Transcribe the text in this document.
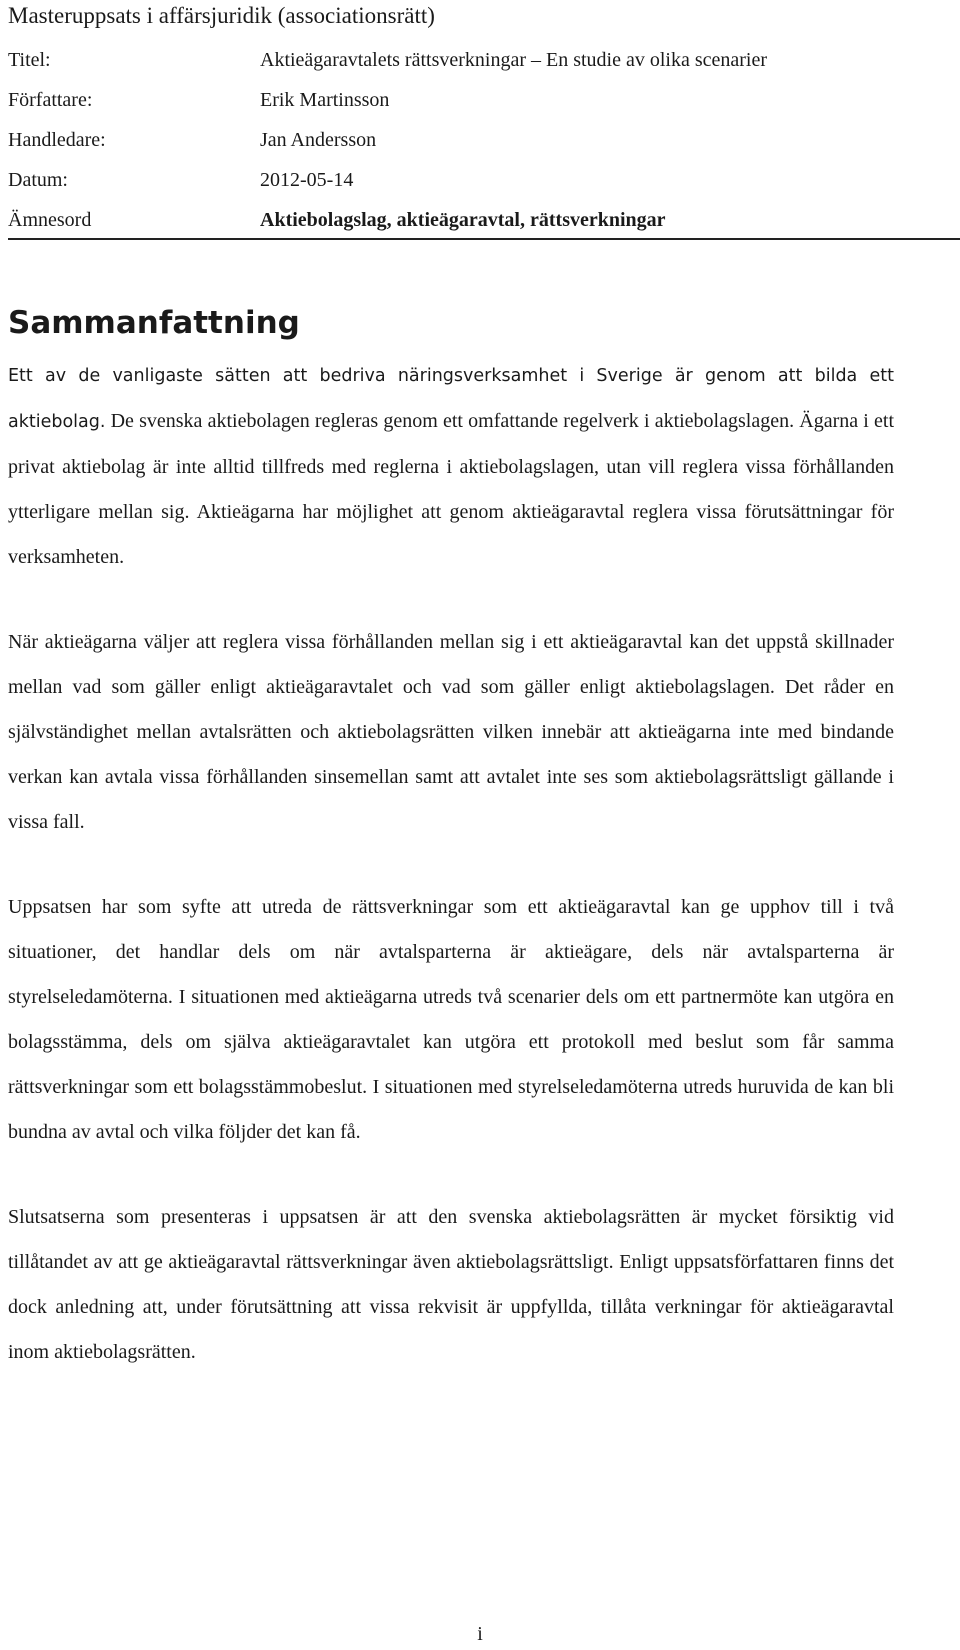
Masteruppsats i affärsjuridik (associationsrätt)
Titel:	Aktieägaravtalets rättsverkningar – En studie av olika scenarier
Författare:	Erik Martinsson
Handledare:	Jan Andersson
Datum:	2012-05-14
Ämnesord	Aktiebolagslag, aktieägaravtal, rättsverkningar
Sammanfattning

Ett av de vanligaste sätten att bedriva näringsverksamhet i Sverige är genom att bilda ett aktiebolag. De svenska aktiebolagen regleras genom ett omfattande regelverk i aktiebolagslagen. Ägarna i ett privat aktiebolag är inte alltid tillfreds med reglerna i aktiebolagslagen, utan vill reglera vissa förhållanden ytterligare mellan sig. Aktieägarna har möjlighet att genom aktieägaravtal reglera vissa förutsättningar för verksamheten.

När aktieägarna väljer att reglera vissa förhållanden mellan sig i ett aktieägaravtal kan det uppstå skillnader mellan vad som gäller enligt aktieägaravtalet och vad som gäller enligt aktiebolagslagen. Det råder en självständighet mellan avtalsrätten och aktiebolagsrätten vilken innebär att aktieägarna inte med bindande verkan kan avtala vissa förhållanden sinsemellan samt att avtalet inte ses som aktiebolagsrättsligt gällande i vissa fall.

Uppsatsen har som syfte att utreda de rättsverkningar som ett aktieägaravtal kan ge upphov till i två situationer, det handlar dels om när avtalsparterna är aktieägare, dels när avtalsparterna är styrelseledamöterna. I situationen med aktieägarna utreds två scenarier dels om ett partnermöte kan utgöra en bolagsstämma, dels om själva aktieägaravtalet kan utgöra ett protokoll med beslut som får samma rättsverkningar som ett bolagsstämmobeslut. I situationen med styrelseledamöterna utreds huruvida de kan bli bundna av avtal och vilka följder det kan få.

Slutsatserna som presenteras i uppsatsen är att den svenska aktiebolagsrätten är mycket försiktig vid tillåtandet av att ge aktieägaravtal rättsverkningar även aktiebolagsrättsligt. Enligt uppsatsförfattaren finns det dock anledning att, under förutsättning att vissa rekvisit är uppfyllda, tillåta verkningar för aktieägaravtal inom aktiebolagsrätten.

i
